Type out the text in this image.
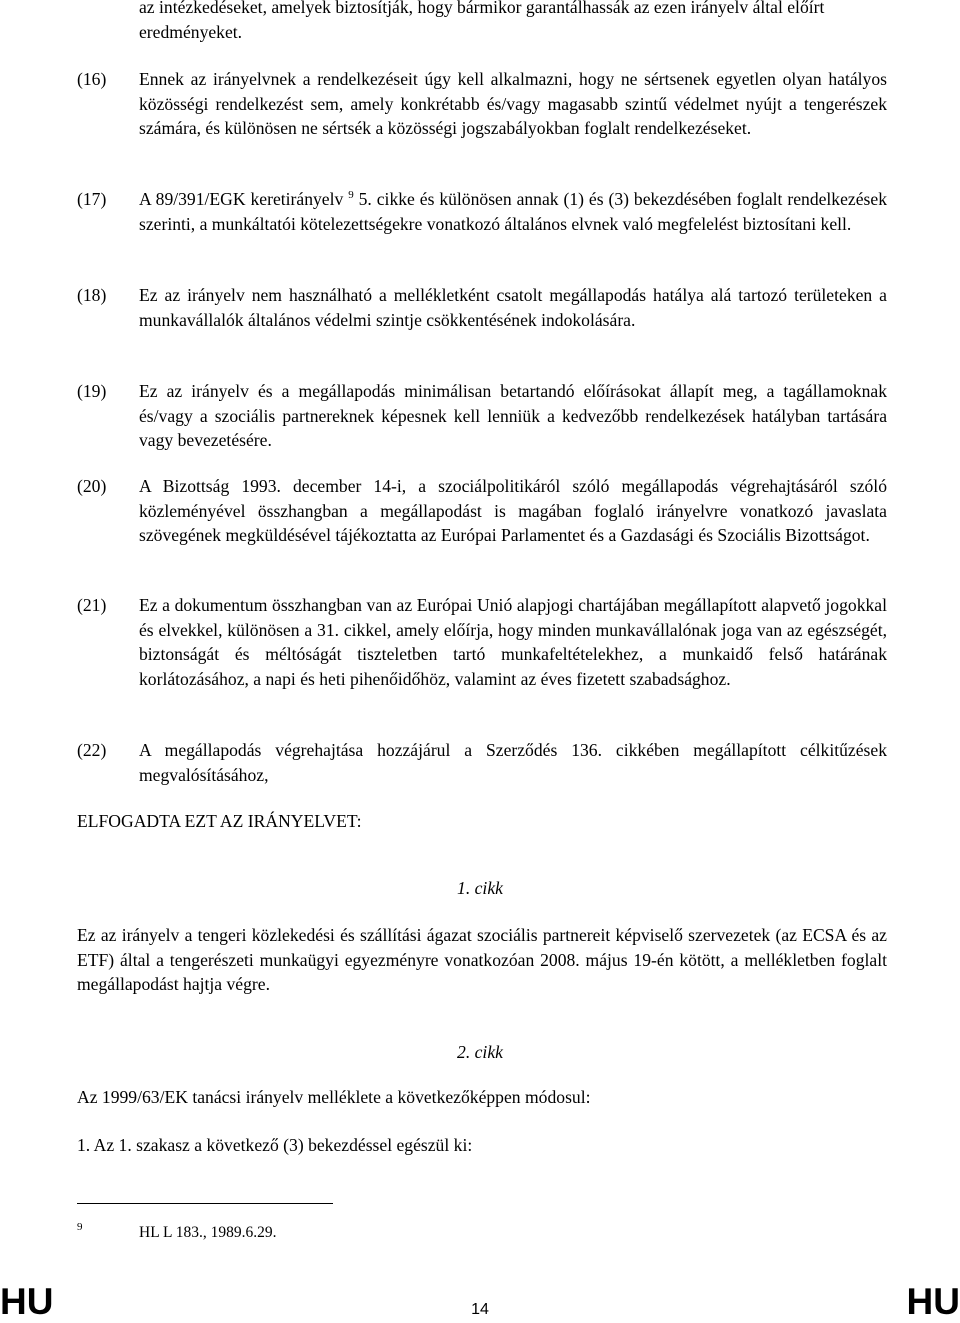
az intézkedéseket, amelyek biztosítják, hogy bármikor garantálhassák az ezen irányelv által előírt eredményeket.
(16)	Ennek az irányelvnek a rendelkezéseit úgy kell alkalmazni, hogy ne sértsenek egyetlen olyan hatályos közösségi rendelkezést sem, amely konkrétabb és/vagy magasabb szintű védelmet nyújt a tengerészek számára, és különösen ne sértsék a közösségi jogszabályokban foglalt rendelkezéseket.
(17)	A 89/391/EGK keretirányelv $^9$ 5. cikke és különösen annak (1) és (3) bekezdésében foglalt rendelkezések szerinti, a munkáltatói kötelezettségekre vonatkozó általános elvnek való megfelelést biztosítani kell.
(18)	Ez az irányelv nem használható a mellékletként csatolt megállapodás hatálya alá tartozó területeken a munkavállalók általános védelmi szintje csökkentésének indokolására.
(19)	Ez az irányelv és a megállapodás minimálisan betartandó előírásokat állapít meg, a tagállamoknak és/vagy a szociális partnereknek képesnek kell lenniük a kedvezőbb rendelkezések hatályban tartására vagy bevezetésére.
(20)	A Bizottság 1993. december 14-i, a szociálpolitikáról szóló megállapodás végrehajtásáról szóló közleményével összhangban a megállapodást is magában foglaló irányelvre vonatkozó javaslata szövegének megküldésével tájékoztatta az Európai Parlamentet és a Gazdasági és Szociális Bizottságot.
(21)	Ez a dokumentum összhangban van az Európai Unió alapjogi chartájában megállapított alapvető jogokkal és elvekkel, különösen a 31. cikkel, amely előírja, hogy minden munkavállalónak joga van az egészségét, biztonságát és méltóságát tiszteletben tartó munkafeltételekhez, a munkaidő felső határának korlátozásához, a napi és heti pihenőidőhöz, valamint az éves fizetett szabadsághoz.
(22)	A megállapodás végrehajtása hozzájárul a Szerződés 136. cikkében megállapított célkitűzések megvalósításához,
ELFOGADTA EZT AZ IRÁNYELVET:
1. cikk
Ez az irányelv a tengeri közlekedési és szállítási ágazat szociális partnereit képviselő szervezetek (az ECSA és az ETF) által a tengerészeti munkaügyi egyezményre vonatkozóan 2008. május 19-én kötött, a mellékletben foglalt megállapodást hajtja végre.
2. cikk
Az 1999/63/EK tanácsi irányelv melléklete a következőképpen módosul:
1. Az 1. szakasz a következő (3) bekezdéssel egészül ki:
9	HL L 183., 1989.6.29.
HU	14	HU
